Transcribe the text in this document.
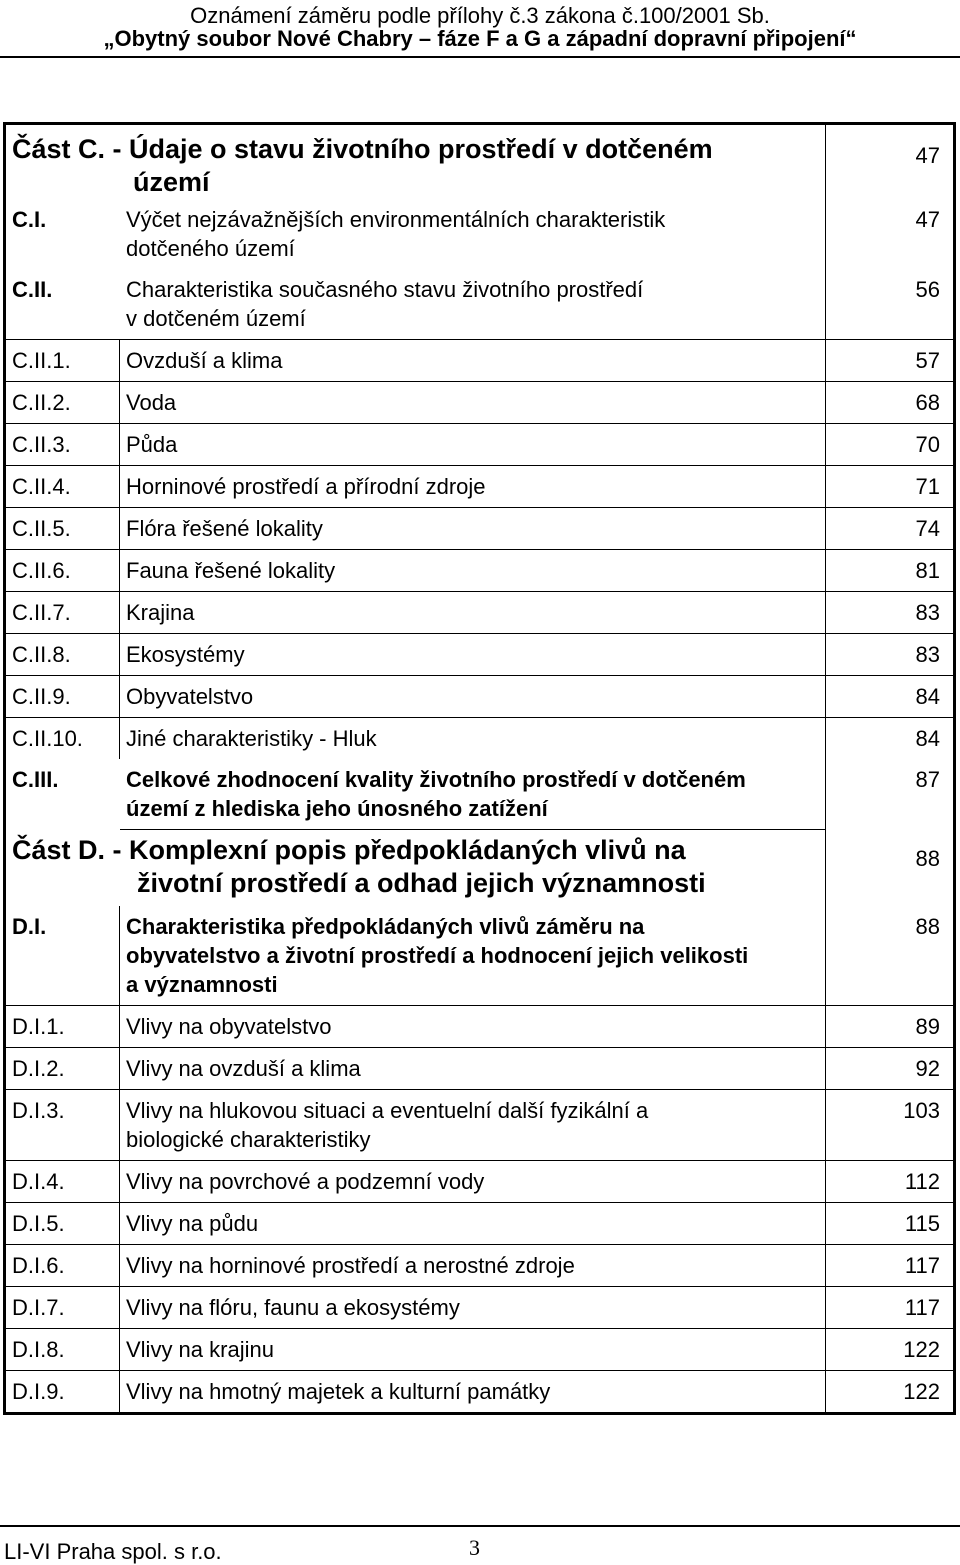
Oznámení záměru podle přílohy č.3 zákona č.100/2001 Sb.
„Obytný soubor Nové Chabry – fáze F a G a západní dopravní připojení“
Část C. - Údaje o stavu životního prostředí v dotčeném
území
47
C.I.	Výčet nejzávažnějších environmentálních charakteristik
dotčeného území
47
C.II.	Charakteristika současného stavu životního prostředí
v dotčeném území
56
C.II.1.	Ovzduší a klima	57
C.II.2.	Voda	68
C.II.3.	Půda	70
C.II.4.	Horninové prostředí a přírodní zdroje	71
C.II.5.	Flóra řešené lokality	74
C.II.6.	Fauna řešené lokality	81
C.II.7.	Krajina	83
C.II.8.	Ekosystémy	83
C.II.9.	Obyvatelstvo	84
C.II.10.	Jiné charakteristiky - Hluk	84
C.III.	Celkové zhodnocení kvality životního prostředí v dotčeném
území z hlediska jeho únosného zatížení
87
Část D. - Komplexní popis předpokládaných vlivů na
životní prostředí a odhad jejich významnosti
88
D.I.	Charakteristika předpokládaných vlivů záměru na
obyvatelstvo a životní prostředí a hodnocení jejich velikosti
a významnosti
88
D.I.1.	Vlivy na obyvatelstvo	89
D.I.2.	Vlivy na ovzduší a klima	92
D.I.3.	Vlivy na hlukovou situaci a eventuelní další fyzikální a
biologické charakteristiky
103
D.I.4.	Vlivy na povrchové a podzemní vody	112
D.I.5.	Vlivy na půdu	115
D.I.6.	Vlivy na horninové prostředí a nerostné zdroje	117
D.I.7.	Vlivy na flóru, faunu a ekosystémy	117
D.I.8.	Vlivy na krajinu	122
D.I.9.	Vlivy na hmotný majetek a kulturní památky	122
LI-VI Praha spol. s r.o.	3
